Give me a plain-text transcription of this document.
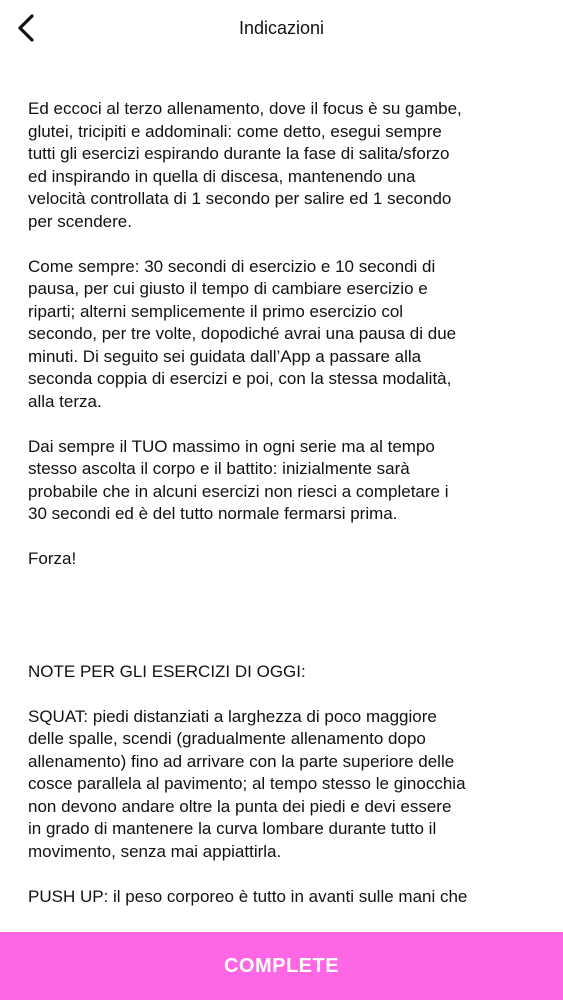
Indicazioni

Ed eccoci al terzo allenamento, dove il focus è su gambe,
glutei, tricipiti e addominali: come detto, esegui sempre
tutti gli esercizi espirando durante la fase di salita/sforzo
ed inspirando in quella di discesa, mantenendo una
velocità controllata di 1 secondo per salire ed 1 secondo
per scendere.

Come sempre: 30 secondi di esercizio e 10 secondi di
pausa, per cui giusto il tempo di cambiare esercizio e
riparti; alterni semplicemente il primo esercizio col
secondo, per tre volte, dopodiché avrai una pausa di due
minuti. Di seguito sei guidata dall’App a passare alla
seconda coppia di esercizi e poi, con la stessa modalità,
alla terza.

Dai sempre il TUO massimo in ogni serie ma al tempo
stesso ascolta il corpo e il battito: inizialmente sarà
probabile che in alcuni esercizi non riesci a completare i
30 secondi ed è del tutto normale fermarsi prima.

Forza!

NOTE PER GLI ESERCIZI DI OGGI:

SQUAT: piedi distanziati a larghezza di poco maggiore
delle spalle, scendi (gradualmente allenamento dopo
allenamento) fino ad arrivare con la parte superiore delle
cosce parallela al pavimento; al tempo stesso le ginocchia
non devono andare oltre la punta dei piedi e devi essere
in grado di mantenere la curva lombare durante tutto il
movimento, senza mai appiattirla.

PUSH UP: il peso corporeo è tutto in avanti sulle mani che

COMPLETE
